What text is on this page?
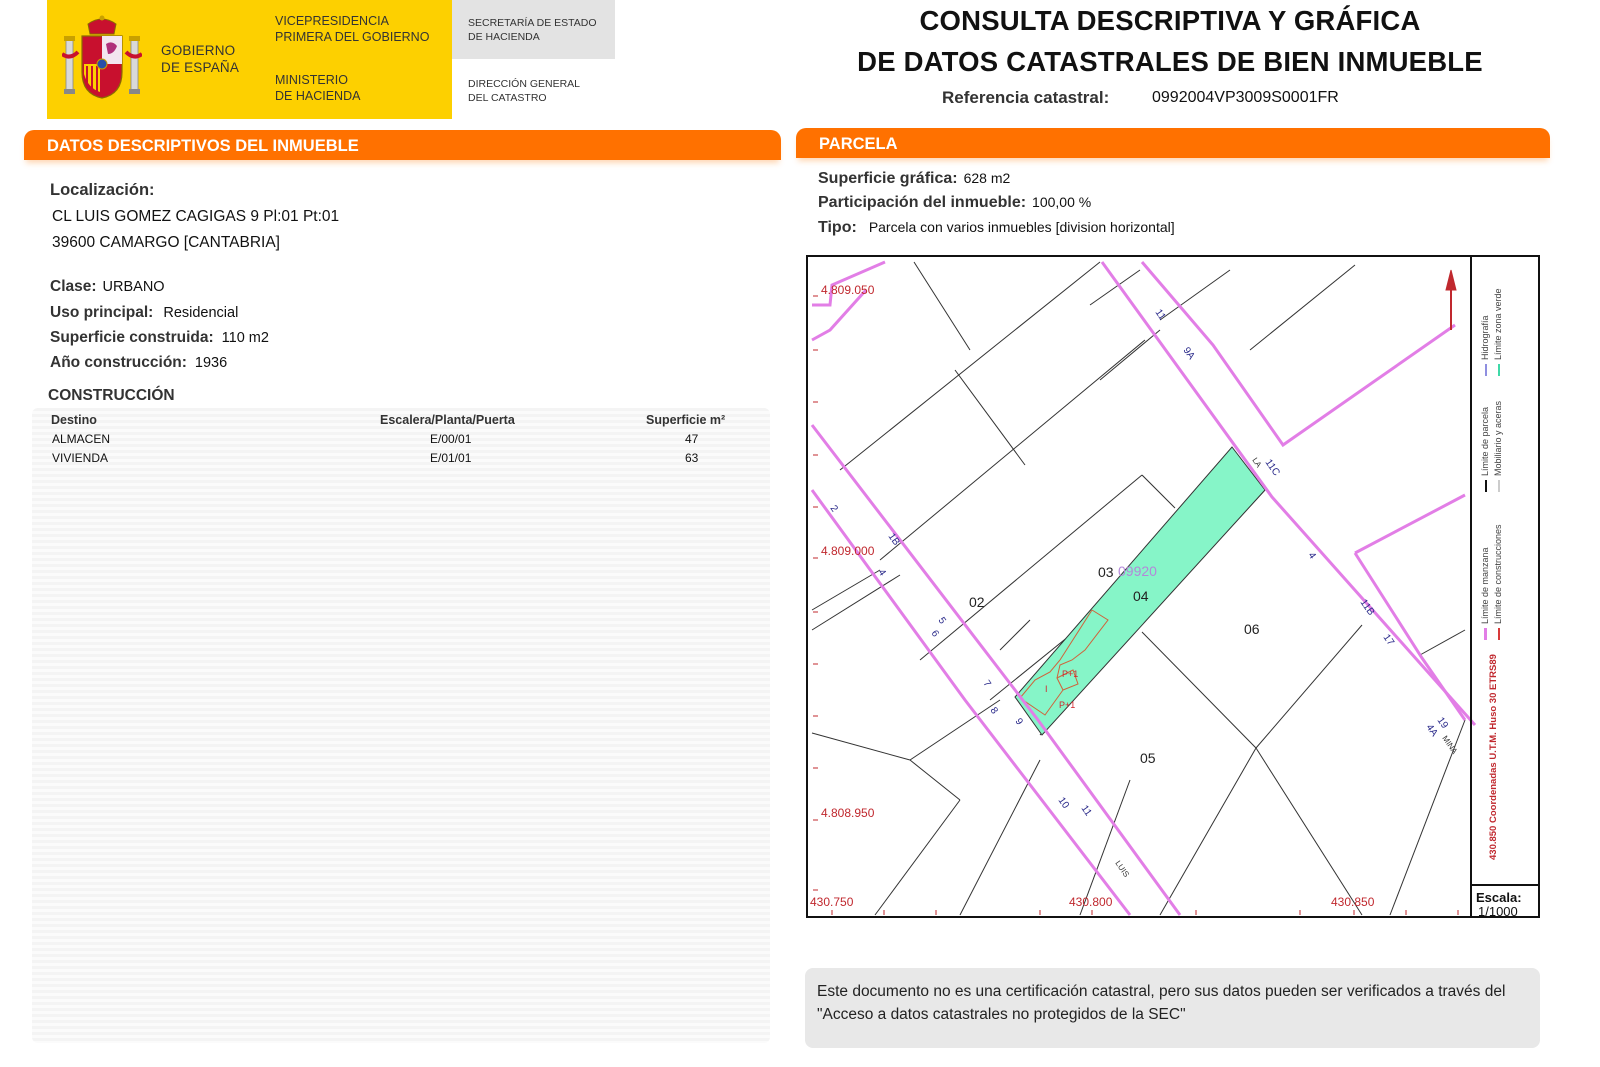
GOBIERNO
DE ESPAÑA
VICEPRESIDENCIA
PRIMERA DEL GOBIERNO
MINISTERIO
DE HACIENDA
SECRETARÍA DE ESTADO
DE HACIENDA
DIRECCIÓN GENERAL
DEL CATASTRO
CONSULTA DESCRIPTIVA Y GRÁFICA
DE DATOS CATASTRALES DE BIEN INMUEBLE
Referencia catastral:	0992004VP3009S0001FR
DATOS DESCRIPTIVOS DEL INMUEBLE
Localización:
CL LUIS GOMEZ CAGIGAS 9 Pl:01 Pt:01
39600 CAMARGO [CANTABRIA]
Clase: URBANO
Uso principal: Residencial
Superficie construida: 110 m2
Año construcción: 1936
CONSTRUCCIÓN
Destino	Escalera/Planta/Puerta	Superficie m²
ALMACEN	E/00/01	47
VIVIENDA	E/01/01	63
PARCELA
Superficie gráfica: 628 m2
Participación del inmueble: 100,00 %
Tipo: Parcela con varios inmuebles [division horizontal]
P+1
P+1
I
02
03
04
05
06
09920
11
9A
11C
4
11B
17
19
4A
2
1B
4
5
6
7
8
9
10 11
LA
MINA
LUIS
4.809.050
4.809.000
4.808.950
430.750	430.800	430.850
Límite de manzana Límite de construcciones
Límite de parcela Mobiliario y aceras
Hidrografía Límite zona verde
430.850 Coordenadas U.T.M. Huso 30 ETRS89
Escala:
1/1000
Este documento no es una certificación catastral, pero sus datos pueden ser verificados a través del "Acceso a datos catastrales no protegidos de la SEC"
